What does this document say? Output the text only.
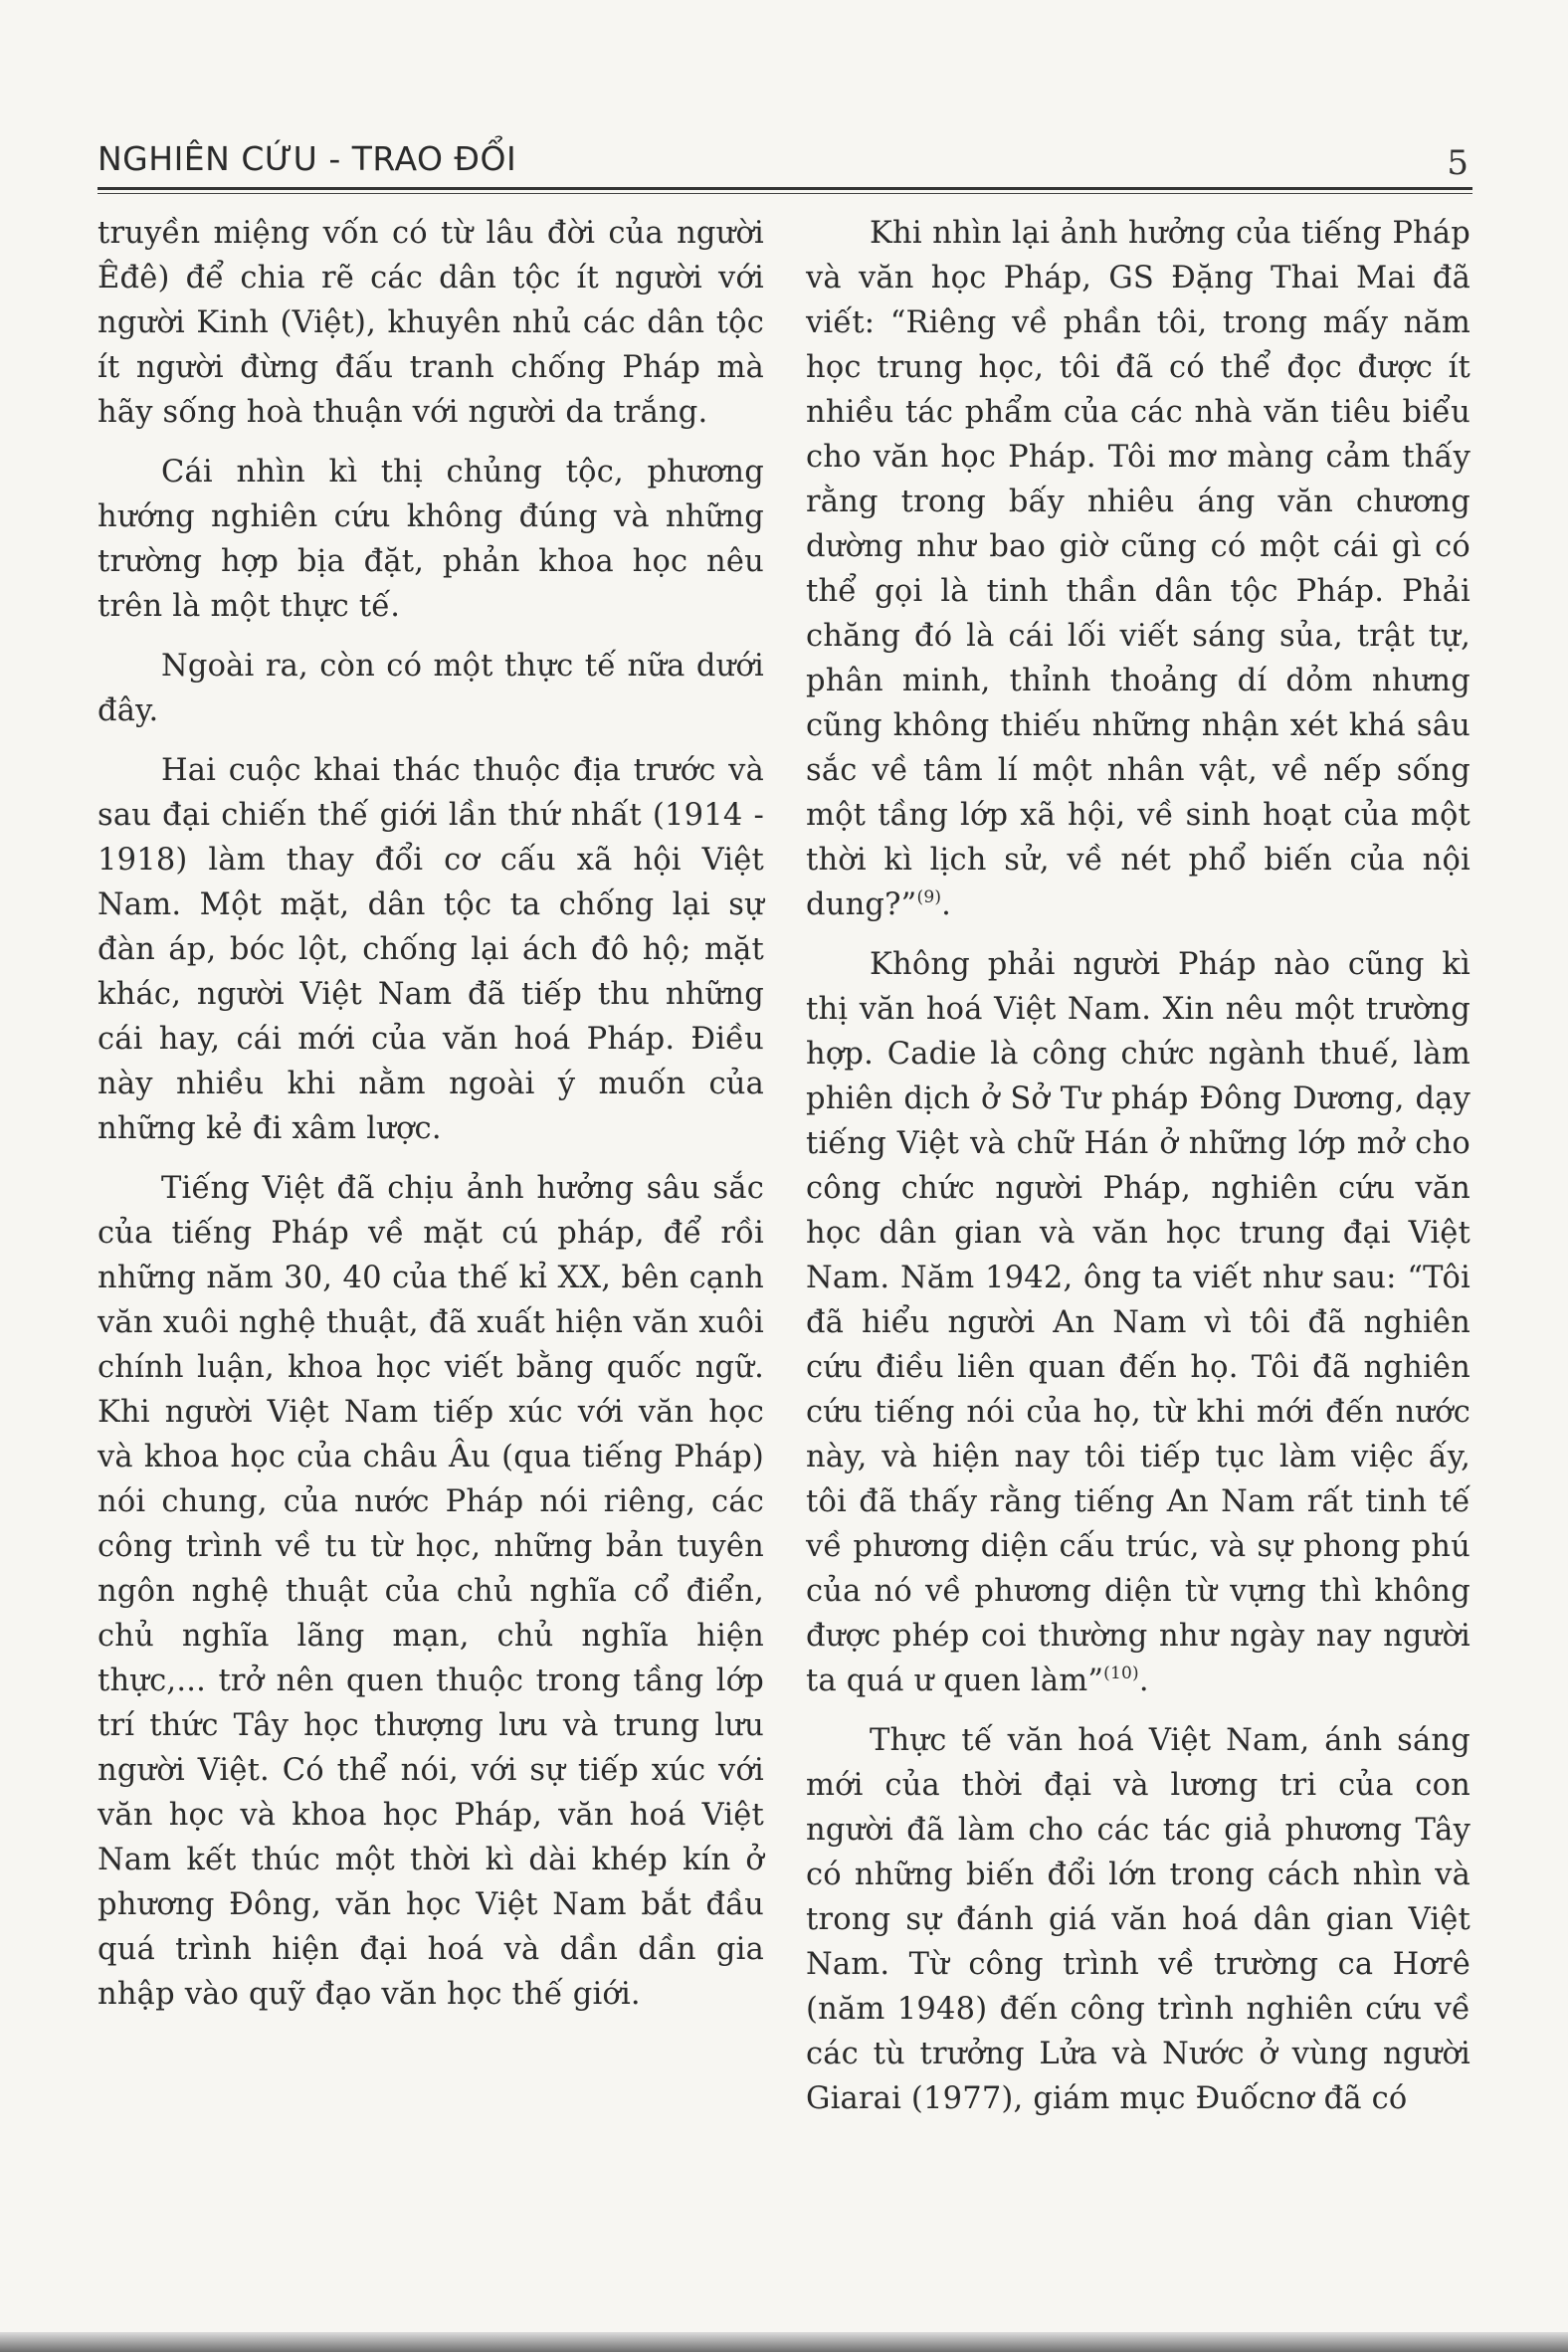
NGHIÊN CỨU - TRAO ĐỔI	5

truyền miệng vốn có từ lâu đời của người Êđê) để chia rẽ các dân tộc ít người với người Kinh (Việt), khuyên nhủ các dân tộc ít người đừng đấu tranh chống Pháp mà hãy sống hoà thuận với người da trắng.

Cái nhìn kì thị chủng tộc, phương hướng nghiên cứu không đúng và những trường hợp bịa đặt, phản khoa học nêu trên là một thực tế.

Ngoài ra, còn có một thực tế nữa dưới đây.

Hai cuộc khai thác thuộc địa trước và sau đại chiến thế giới lần thứ nhất (1914 - 1918) làm thay đổi cơ cấu xã hội Việt Nam. Một mặt, dân tộc ta chống lại sự đàn áp, bóc lột, chống lại ách đô hộ; mặt khác, người Việt Nam đã tiếp thu những cái hay, cái mới của văn hoá Pháp. Điều này nhiều khi nằm ngoài ý muốn của những kẻ đi xâm lược.

Tiếng Việt đã chịu ảnh hưởng sâu sắc của tiếng Pháp về mặt cú pháp, để rồi những năm 30, 40 của thế kỉ XX, bên cạnh văn xuôi nghệ thuật, đã xuất hiện văn xuôi chính luận, khoa học viết bằng quốc ngữ. Khi người Việt Nam tiếp xúc với văn học và khoa học của châu Âu (qua tiếng Pháp) nói chung, của nước Pháp nói riêng, các công trình về tu từ học, những bản tuyên ngôn nghệ thuật của chủ nghĩa cổ điển, chủ nghĩa lãng mạn, chủ nghĩa hiện thực,... trở nên quen thuộc trong tầng lớp trí thức Tây học thượng lưu và trung lưu người Việt. Có thể nói, với sự tiếp xúc với văn học và khoa học Pháp, văn hoá Việt Nam kết thúc một thời kì dài khép kín ở phương Đông, văn học Việt Nam bắt đầu quá trình hiện đại hoá và dần dần gia nhập vào quỹ đạo văn học thế giới.

Khi nhìn lại ảnh hưởng của tiếng Pháp và văn học Pháp, GS Đặng Thai Mai đã viết: “Riêng về phần tôi, trong mấy năm học trung học, tôi đã có thể đọc được ít nhiều tác phẩm của các nhà văn tiêu biểu cho văn học Pháp. Tôi mơ màng cảm thấy rằng trong bấy nhiêu áng văn chương dường như bao giờ cũng có một cái gì có thể gọi là tinh thần dân tộc Pháp. Phải chăng đó là cái lối viết sáng sủa, trật tự, phân minh, thỉnh thoảng dí dỏm nhưng cũng không thiếu những nhận xét khá sâu sắc về tâm lí một nhân vật, về nếp sống một tầng lớp xã hội, về sinh hoạt của một thời kì lịch sử, về nét phổ biến của nội dung?”$^{(9)}$.

Không phải người Pháp nào cũng kì thị văn hoá Việt Nam. Xin nêu một trường hợp. Cadie là công chức ngành thuế, làm phiên dịch ở Sở Tư pháp Đông Dương, dạy tiếng Việt và chữ Hán ở những lớp mở cho công chức người Pháp, nghiên cứu văn học dân gian và văn học trung đại Việt Nam. Năm 1942, ông ta viết như sau: “Tôi đã hiểu người An Nam vì tôi đã nghiên cứu điều liên quan đến họ. Tôi đã nghiên cứu tiếng nói của họ, từ khi mới đến nước này, và hiện nay tôi tiếp tục làm việc ấy, tôi đã thấy rằng tiếng An Nam rất tinh tế về phương diện cấu trúc, và sự phong phú của nó về phương diện từ vựng thì không được phép coi thường như ngày nay người ta quá ư quen làm”$^{(10)}$.

Thực tế văn hoá Việt Nam, ánh sáng mới của thời đại và lương tri của con người đã làm cho các tác giả phương Tây có những biến đổi lớn trong cách nhìn và trong sự đánh giá văn hoá dân gian Việt Nam. Từ công trình về trường ca Hơrê (năm 1948) đến công trình nghiên cứu về các tù trưởng Lửa và Nước ở vùng người Giarai (1977), giám mục Đuốcnơ đã có
